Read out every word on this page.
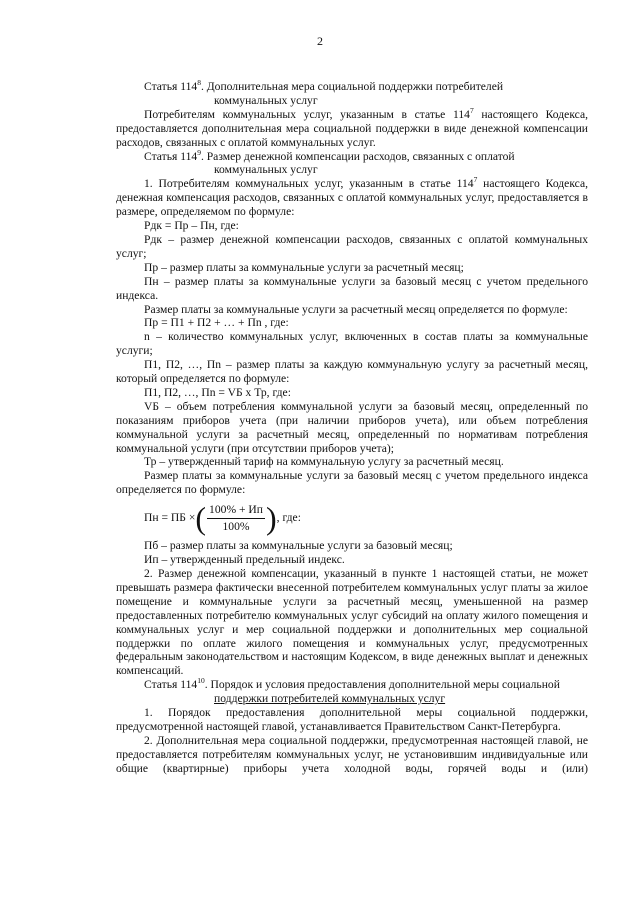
2

Статья $114^8$. Дополнительная мера социальной поддержки потребителей

коммунальных услуг

Потребителям коммунальных услуг, указанным в статье $114^7$ настоящего Кодекса, предоставляется дополнительная мера социальной поддержки в виде денежной компенсации расходов, связанных с оплатой коммунальных услуг.

Статья $114^9$. Размер денежной компенсации расходов, связанных с оплатой

коммунальных услуг

1. Потребителям коммунальных услуг, указанным в статье $114^7$ настоящего Кодекса, денежная компенсация расходов, связанных с оплатой коммунальных услуг, предоставляется в размере, определяемом по формуле:

Pдк = Пр – Пн, где:

Pдк – размер денежной компенсации расходов, связанных с оплатой коммунальных услуг;

Пр – размер платы за коммунальные услуги за расчетный месяц;

Пн – размер платы за коммунальные услуги за базовый месяц с учетом предельного индекса.

Размер платы за коммунальные услуги за расчетный месяц определяется по формуле:

Пр = П1 + П2 + … + Пn , где:

n – количество коммунальных услуг, включенных в состав платы за коммунальные услуги;

П1, П2, …, Пn – размер платы за каждую коммунальную услугу за расчетный месяц, который определяется по формуле:

П1, П2, …, Пn = VБ x Тр, где:

VБ – объем потребления коммунальной услуги за базовый месяц, определенный по показаниям приборов учета (при наличии приборов учета), или объем потребления коммунальной услуги за расчетный месяц, определенный по нормативам потребления коммунальной услуги (при отсутствии приборов учета);

Тр – утвержденный тариф на коммунальную услугу за расчетный месяц.

Размер платы за коммунальные услуги за базовый месяц с учетом предельного индекса определяется по формуле:

Пн = ПБ × ( $\frac{100\% + Ип}{100\%}$ ) , где:

Пб – размер платы за коммунальные услуги за базовый месяц;

Ип – утвержденный предельный индекс.

2. Размер денежной компенсации, указанный в пункте 1 настоящей статьи, не может превышать размера фактически внесенной потребителем коммунальных услуг платы за жилое помещение и коммунальные услуги за расчетный месяц, уменьшенной на размер предоставленных потребителю коммунальных услуг субсидий на оплату жилого помещения и коммунальных услуг и мер социальной поддержки и дополнительных мер социальной поддержки по оплате жилого помещения и коммунальных услуг, предусмотренных федеральным законодательством и настоящим Кодексом, в виде денежных выплат и денежных компенсаций.

Статья $114^{10}$. Порядок и условия предоставления дополнительной меры социальной

поддержки потребителей коммунальных услуг

1. Порядок предоставления дополнительной меры социальной поддержки, предусмотренной настоящей главой, устанавливается Правительством Санкт-Петербурга.

2. Дополнительная мера социальной поддержки, предусмотренная настоящей главой, не предоставляется потребителям коммунальных услуг, не установившим индивидуальные или общие (квартирные) приборы учета холодной воды, горячей воды и (или)
